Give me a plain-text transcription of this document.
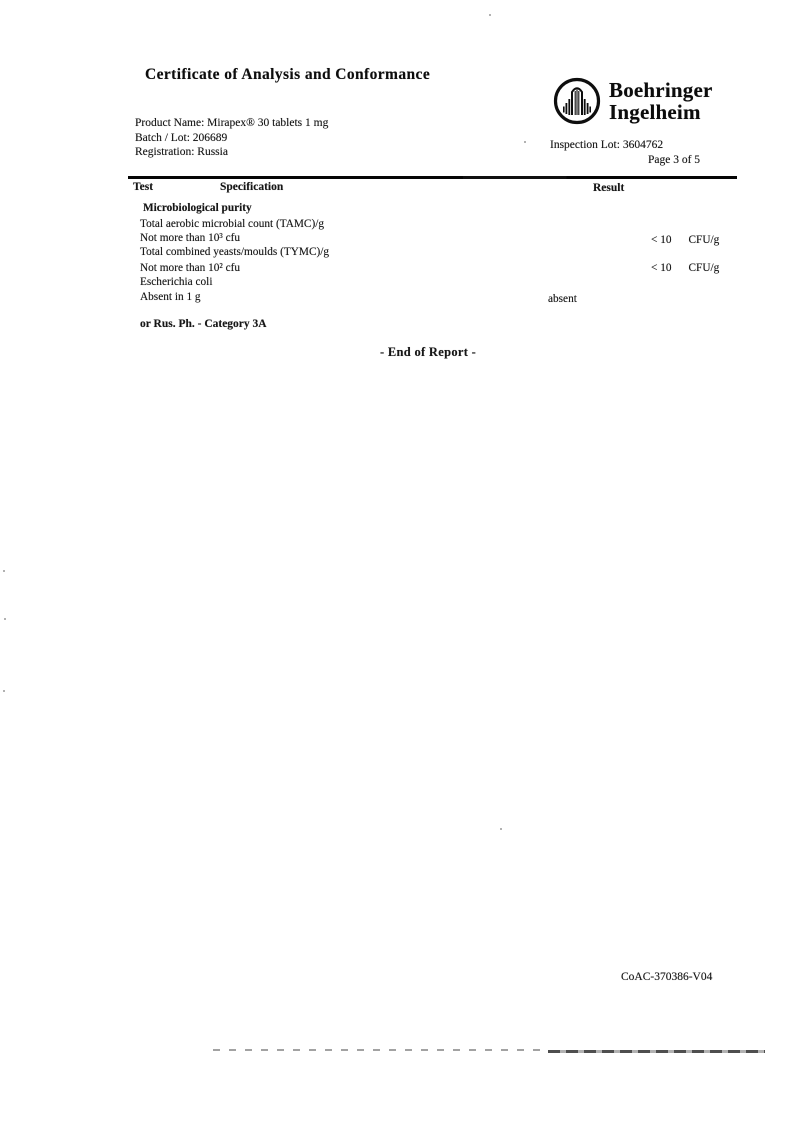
Certificate of Analysis and Conformance
Boehringer
Ingelheim
Product Name: Mirapex® 30 tablets 1 mg
Batch / Lot: 206689
Registration: Russia
Inspection Lot: 3604762
Page 3 of 5
Test	Specification	Result
Microbiological purity
Total aerobic microbial count (TAMC)/g
Not more than 10³ cfu
Total combined yeasts/moulds (TYMC)/g
Not more than 10² cfu
Escherichia coli
Absent in 1 g
< 10 CFU/g
< 10 CFU/g
absent
or Rus. Ph. - Category 3A
- End of Report -
CoAC-370386-V04
